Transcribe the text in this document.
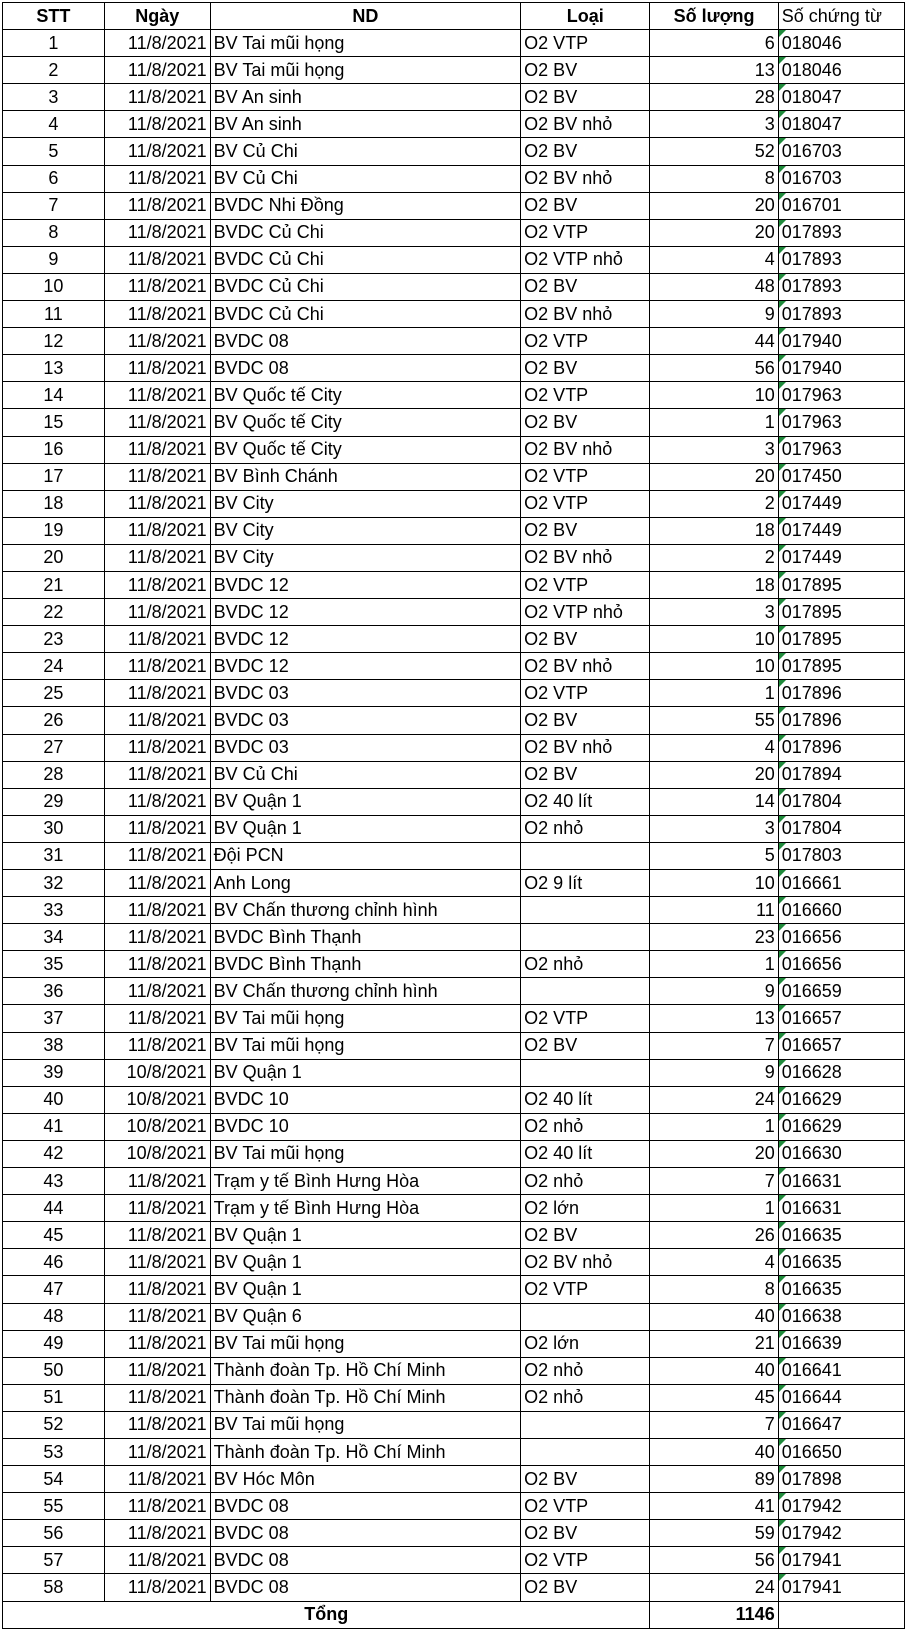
STT	Ngày	ND	Loại	Số lượng	Số chứng từ
1	11/8/2021	BV Tai mũi họng	O2 VTP	6	018046
2	11/8/2021	BV Tai mũi họng	O2 BV	13	018046
3	11/8/2021	BV An sinh	O2 BV	28	018047
4	11/8/2021	BV An sinh	O2 BV nhỏ	3	018047
5	11/8/2021	BV Củ Chi	O2 BV	52	016703
6	11/8/2021	BV Củ Chi	O2 BV nhỏ	8	016703
7	11/8/2021	BVDC Nhi Đồng	O2 BV	20	016701
8	11/8/2021	BVDC Củ Chi	O2 VTP	20	017893
9	11/8/2021	BVDC Củ Chi	O2 VTP nhỏ	4	017893
10	11/8/2021	BVDC Củ Chi	O2 BV	48	017893
11	11/8/2021	BVDC Củ Chi	O2 BV nhỏ	9	017893
12	11/8/2021	BVDC 08	O2 VTP	44	017940
13	11/8/2021	BVDC 08	O2 BV	56	017940
14	11/8/2021	BV Quốc tế City	O2 VTP	10	017963
15	11/8/2021	BV Quốc tế City	O2 BV	1	017963
16	11/8/2021	BV Quốc tế City	O2 BV nhỏ	3	017963
17	11/8/2021	BV Bình Chánh	O2 VTP	20	017450
18	11/8/2021	BV City	O2 VTP	2	017449
19	11/8/2021	BV City	O2 BV	18	017449
20	11/8/2021	BV City	O2 BV nhỏ	2	017449
21	11/8/2021	BVDC 12	O2 VTP	18	017895
22	11/8/2021	BVDC 12	O2 VTP nhỏ	3	017895
23	11/8/2021	BVDC 12	O2 BV	10	017895
24	11/8/2021	BVDC 12	O2 BV nhỏ	10	017895
25	11/8/2021	BVDC 03	O2 VTP	1	017896
26	11/8/2021	BVDC 03	O2 BV	55	017896
27	11/8/2021	BVDC 03	O2 BV nhỏ	4	017896
28	11/8/2021	BV Củ Chi	O2 BV	20	017894
29	11/8/2021	BV Quận 1	O2 40 lít	14	017804
30	11/8/2021	BV Quận 1	O2 nhỏ	3	017804
31	11/8/2021	Đội PCN		5	017803
32	11/8/2021	Anh Long	O2 9 lít	10	016661
33	11/8/2021	BV Chấn thương chỉnh hình		11	016660
34	11/8/2021	BVDC Bình Thạnh		23	016656
35	11/8/2021	BVDC Bình Thạnh	O2 nhỏ	1	016656
36	11/8/2021	BV Chấn thương chỉnh hình		9	016659
37	11/8/2021	BV Tai mũi họng	O2 VTP	13	016657
38	11/8/2021	BV Tai mũi họng	O2 BV	7	016657
39	10/8/2021	BV Quận 1		9	016628
40	10/8/2021	BVDC 10	O2 40 lít	24	016629
41	10/8/2021	BVDC 10	O2 nhỏ	1	016629
42	10/8/2021	BV Tai mũi họng	O2 40 lít	20	016630
43	11/8/2021	Trạm y tế Bình Hưng Hòa	O2 nhỏ	7	016631
44	11/8/2021	Trạm y tế Bình Hưng Hòa	O2 lớn	1	016631
45	11/8/2021	BV Quận 1	O2 BV	26	016635
46	11/8/2021	BV Quận 1	O2 BV nhỏ	4	016635
47	11/8/2021	BV Quận 1	O2 VTP	8	016635
48	11/8/2021	BV Quận 6		40	016638
49	11/8/2021	BV Tai mũi họng	O2 lớn	21	016639
50	11/8/2021	Thành đoàn Tp. Hồ Chí Minh	O2 nhỏ	40	016641
51	11/8/2021	Thành đoàn Tp. Hồ Chí Minh	O2 nhỏ	45	016644
52	11/8/2021	BV Tai mũi họng		7	016647
53	11/8/2021	Thành đoàn Tp. Hồ Chí Minh		40	016650
54	11/8/2021	BV Hóc Môn	O2 BV	89	017898
55	11/8/2021	BVDC 08	O2 VTP	41	017942
56	11/8/2021	BVDC 08	O2 BV	59	017942
57	11/8/2021	BVDC 08	O2 VTP	56	017941
58	11/8/2021	BVDC 08	O2 BV	24	017941
Tổng				1146	
